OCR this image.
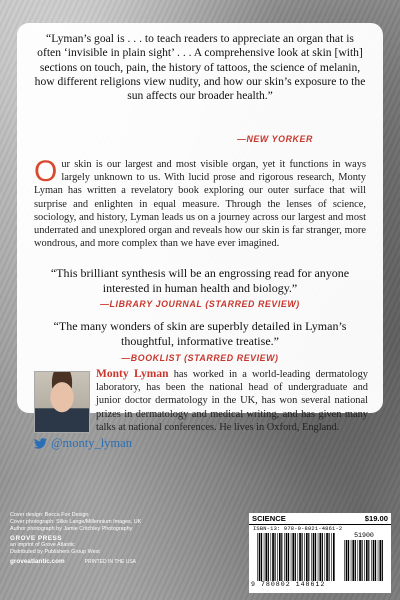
“Lyman’s goal is . . . to teach readers to appreciate an organ that is often ‘invisible in plain sight’ . . . A comprehensive look at skin [with] sections on touch, pain, the history of tattoos, the science of melanin, how different religions view nudity, and how our skin’s exposure to the sun affects our broader health.”

—NEW YORKER

Our skin is our largest and most visible organ, yet it functions in ways largely unknown to us. With lucid prose and rigorous research, Monty Lyman has written a revelatory book exploring our outer surface that will surprise and enlighten in equal measure. Through the lenses of science, sociology, and history, Lyman leads us on a journey across our largest and most underrated and unexplored organ and reveals how our skin is far stranger, more wondrous, and more complex than we have ever imagined.

“This brilliant synthesis will be an engrossing read for anyone interested in human health and biology.”

—LIBRARY JOURNAL (STARRED REVIEW)

“The many wonders of skin are superbly detailed in Lyman’s thoughtful, informative treatise.”

—BOOKLIST (STARRED REVIEW)

Monty Lyman has worked in a world-leading dermatology laboratory, has been the national head of undergraduate and junior doctor dermatology in the UK, has won several national prizes in dermatology and medical writing, and has given many talks at national conferences. He lives in Oxford, England.

@monty_lyman
Cover design: Becca Fox Design
Cover photograph: Silke Lange/Millennium Images, UK
Author photograph by Jamie Critchley Photography
GROVE PRESS
an imprint of Grove Atlantic
Distributed by Publishers Group West
groveatlantic.com	PRINTED IN THE USA
SCIENCE	$19.00
ISBN-13: 978-0-8021-4861-2
51900
9 780802 148612
